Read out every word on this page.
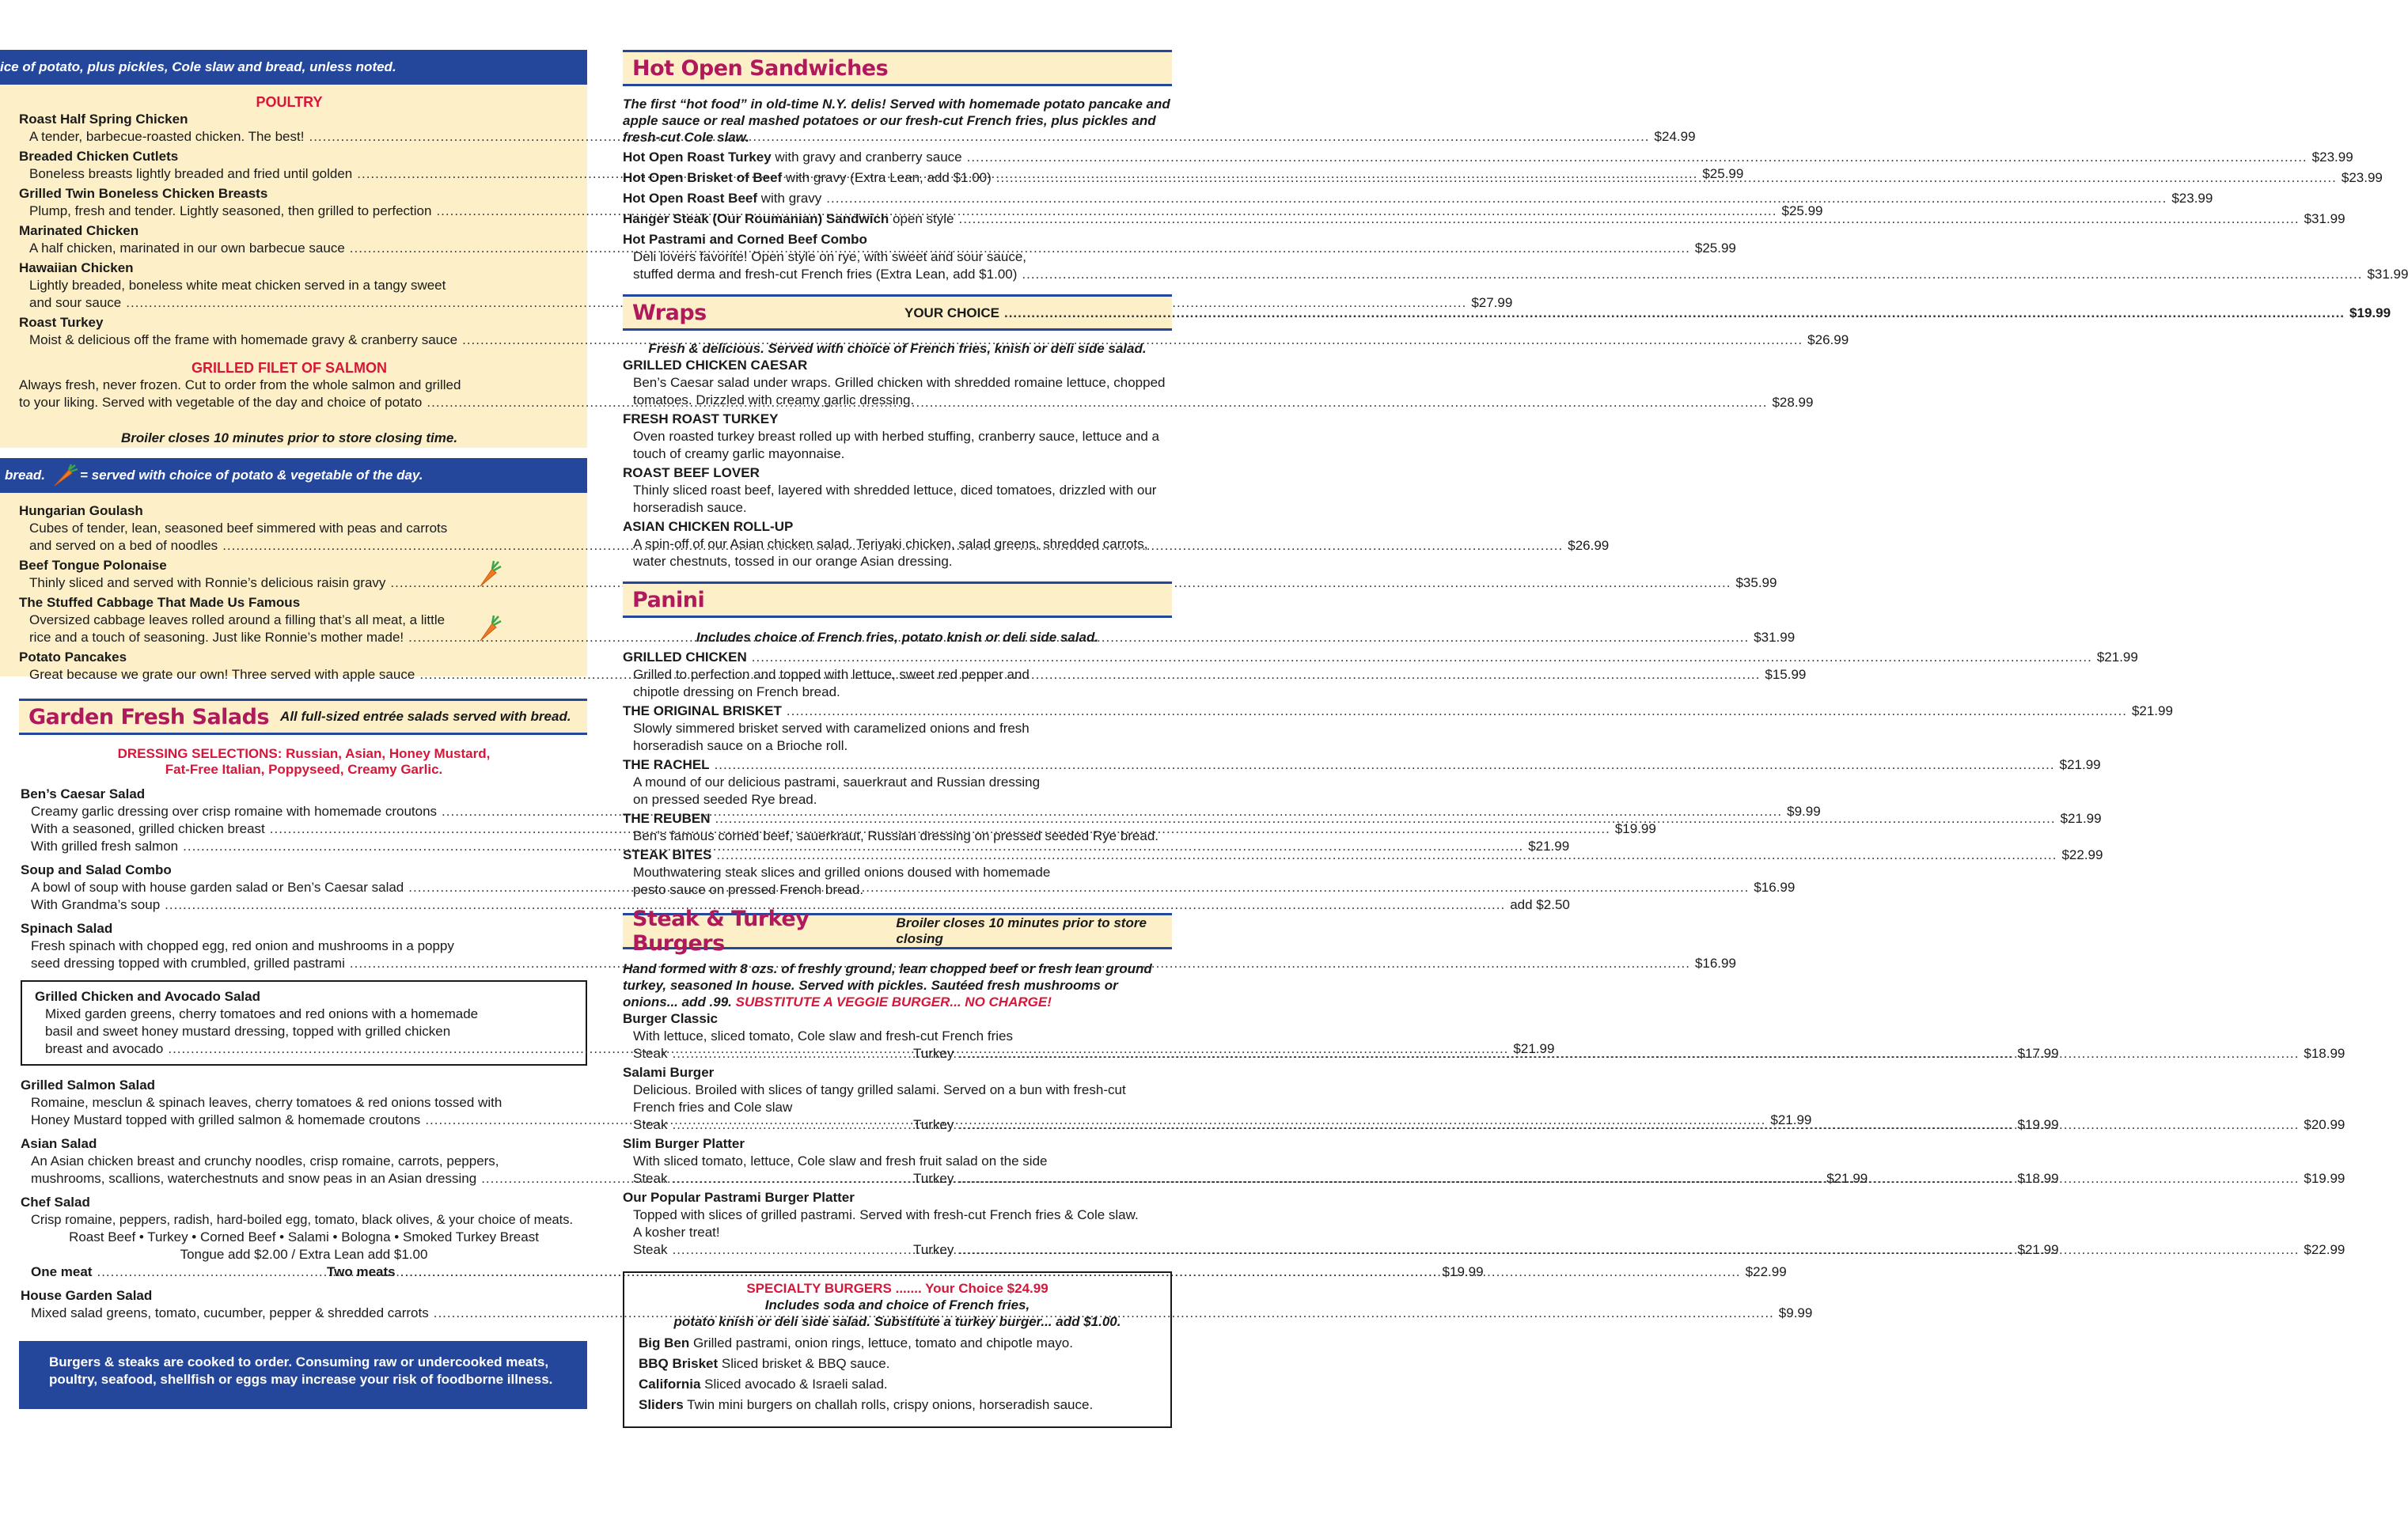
ice of potato, plus pickles, Cole slaw and bread, unless noted.
POULTRY
Roast Half Spring Chicken
A tender, barbecue-roasted chicken. The best! .....	$24.99
Breaded Chicken Cutlets
Boneless breasts lightly breaded and fried until golden .....	$25.99
Grilled Twin Boneless Chicken Breasts
Plump, fresh and tender. Lightly seasoned, then grilled to perfection .....	$25.99
Marinated Chicken
A half chicken, marinated in our own barbecue sauce .....	$25.99
Hawaiian Chicken
Lightly breaded, boneless white meat chicken served in a tangy sweet
and sour sauce .....	$27.99
Roast Turkey
Moist & delicious off the frame with homemade gravy & cranberry sauce .....	$26.99
GRILLED FILET OF SALMON
Always fresh, never frozen. Cut to order from the whole salmon and grilled
to your liking. Served with vegetable of the day and choice of potato .....	$28.99
Broiler closes 10 minutes prior to store closing time.
bread.	= served with choice of potato & vegetable of the day.
Hungarian Goulash
Cubes of tender, lean, seasoned beef simmered with peas and carrots
and served on a bed of noodles .....	$26.99
Beef Tongue Polonaise
Thinly sliced and served with Ronnie’s delicious raisin gravy .....	$35.99
The Stuffed Cabbage That Made Us Famous
Oversized cabbage leaves rolled around a filling that’s all meat, a little
rice and a touch of seasoning. Just like Ronnie’s mother made! .....	$31.99
Potato Pancakes
Great because we grate our own! Three served with apple sauce .....	$15.99
Garden Fresh Salads All full-sized entrée salads served with bread.
DRESSING SELECTIONS: Russian, Asian, Honey Mustard,
Fat-Free Italian, Poppyseed, Creamy Garlic.
Ben’s Caesar Salad
Creamy garlic dressing over crisp romaine with homemade croutons .....	$9.99
With a seasoned, grilled chicken breast .....	$19.99
With grilled fresh salmon .....	$21.99
Soup and Salad Combo
A bowl of soup with house garden salad or Ben’s Caesar salad .....	$16.99
With Grandma’s soup .....	add $2.50
Spinach Salad
Fresh spinach with chopped egg, red onion and mushrooms in a poppy
seed dressing topped with crumbled, grilled pastrami .....	$16.99
Grilled Chicken and Avocado Salad
Mixed garden greens, cherry tomatoes and red onions with a homemade
basil and sweet honey mustard dressing, topped with grilled chicken
breast and avocado .....	$21.99
Grilled Salmon Salad
Romaine, mesclun & spinach leaves, cherry tomatoes & red onions tossed with
Honey Mustard topped with grilled salmon & homemade croutons .....	$21.99
Asian Salad
An Asian chicken breast and crunchy noodles, crisp romaine, carrots, peppers,
mushrooms, scallions, waterchestnuts and snow peas in an Asian dressing .....	$21.99
Chef Salad
Crisp romaine, peppers, radish, hard-boiled egg, tomato, black olives, & your choice of meats.
Roast Beef • Turkey • Corned Beef • Salami • Bologna • Smoked Turkey Breast
Tongue add $2.00 / Extra Lean add $1.00
One meat .....	$19.99
Two meats .....	$22.99
House Garden Salad
Mixed salad greens, tomato, cucumber, pepper & shredded carrots .....	$9.99
Burgers & steaks are cooked to order. Consuming raw or undercooked meats,
poultry, seafood, shellfish or eggs may increase your risk of foodborne illness.
Hot Open Sandwiches
The first “hot food” in old-time N.Y. delis! Served with homemade potato pancake and apple sauce or real mashed potatoes or our fresh-cut French fries, plus pickles and fresh-cut Cole slaw.
Hot Open Roast Turkey with gravy and cranberry sauce .....	$23.99
Hot Open Brisket of Beef with gravy (Extra Lean, add $1.00) .....	$23.99
Hot Open Roast Beef with gravy .....	$23.99
Hanger Steak (Our Roumanian) Sandwich open style .....	$31.99
Hot Pastrami and Corned Beef Combo
Deli lovers favorite! Open style on rye, with sweet and sour sauce,
stuffed derma and fresh-cut French fries (Extra Lean, add $1.00) .....	$31.99
Wraps	YOUR CHOICE .....	$19.99
Fresh & delicious. Served with choice of French fries, knish or deli side salad.
GRILLED CHICKEN CAESAR
Ben’s Caesar salad under wraps. Grilled chicken with shredded romaine lettuce, chopped
tomatoes. Drizzled with creamy garlic dressing.
FRESH ROAST TURKEY
Oven roasted turkey breast rolled up with herbed stuffing, cranberry sauce, lettuce and a
touch of creamy garlic mayonnaise.
ROAST BEEF LOVER
Thinly sliced roast beef, layered with shredded lettuce, diced tomatoes, drizzled with our
horseradish sauce.
ASIAN CHICKEN ROLL-UP
A spin-off of our Asian chicken salad. Teriyaki chicken, salad greens, shredded carrots,
water chestnuts, tossed in our orange Asian dressing.
Panini
Includes choice of French fries, potato knish or deli side salad.
GRILLED CHICKEN .....	$21.99
Grilled to perfection and topped with lettuce, sweet red pepper and
chipotle dressing on French bread.
THE ORIGINAL BRISKET .....	$21.99
Slowly simmered brisket served with caramelized onions and fresh
horseradish sauce on a Brioche roll.
THE RACHEL .....	$21.99
A mound of our delicious pastrami, sauerkraut and Russian dressing
on pressed seeded Rye bread.
THE REUBEN .....	$21.99
Ben’s famous corned beef, sauerkraut, Russian dressing on pressed seeded Rye bread.
STEAK BITES .....	$22.99
Mouthwatering steak slices and grilled onions doused with homemade
pesto sauce on pressed French bread.
Steak & Turkey Burgers
Broiler closes 10 minutes prior to store closing
Hand formed with 8 ozs. of freshly ground, lean chopped beef or fresh lean ground turkey, seasoned In house. Served with pickles. Sautéed fresh mushrooms or onions... add .99. SUBSTITUTE A VEGGIE BURGER... NO CHARGE!
Burger Classic
With lettuce, sliced tomato, Cole slaw and fresh-cut French fries
Steak .....	$17.99
Turkey .....	$18.99
Salami Burger
Delicious. Broiled with slices of tangy grilled salami. Served on a bun with fresh-cut
French fries and Cole slaw
Steak .....	$19.99
Turkey .....	$20.99
Slim Burger Platter
With sliced tomato, lettuce, Cole slaw and fresh fruit salad on the side
Steak .....	$18.99
Turkey .....	$19.99
Our Popular Pastrami Burger Platter
Topped with slices of grilled pastrami. Served with fresh-cut French fries & Cole slaw.
A kosher treat!
Steak .....	$21.99
Turkey .....	$22.99
SPECIALTY BURGERS ....... Your Choice $24.99
Includes soda and choice of French fries,
potato knish or deli side salad. Substitute a turkey burger... add $1.00.
Big Ben Grilled pastrami, onion rings, lettuce, tomato and chipotle mayo.
BBQ Brisket Sliced brisket & BBQ sauce.
California Sliced avocado & Israeli salad.
Sliders Twin mini burgers on challah rolls, crispy onions, horseradish sauce.
